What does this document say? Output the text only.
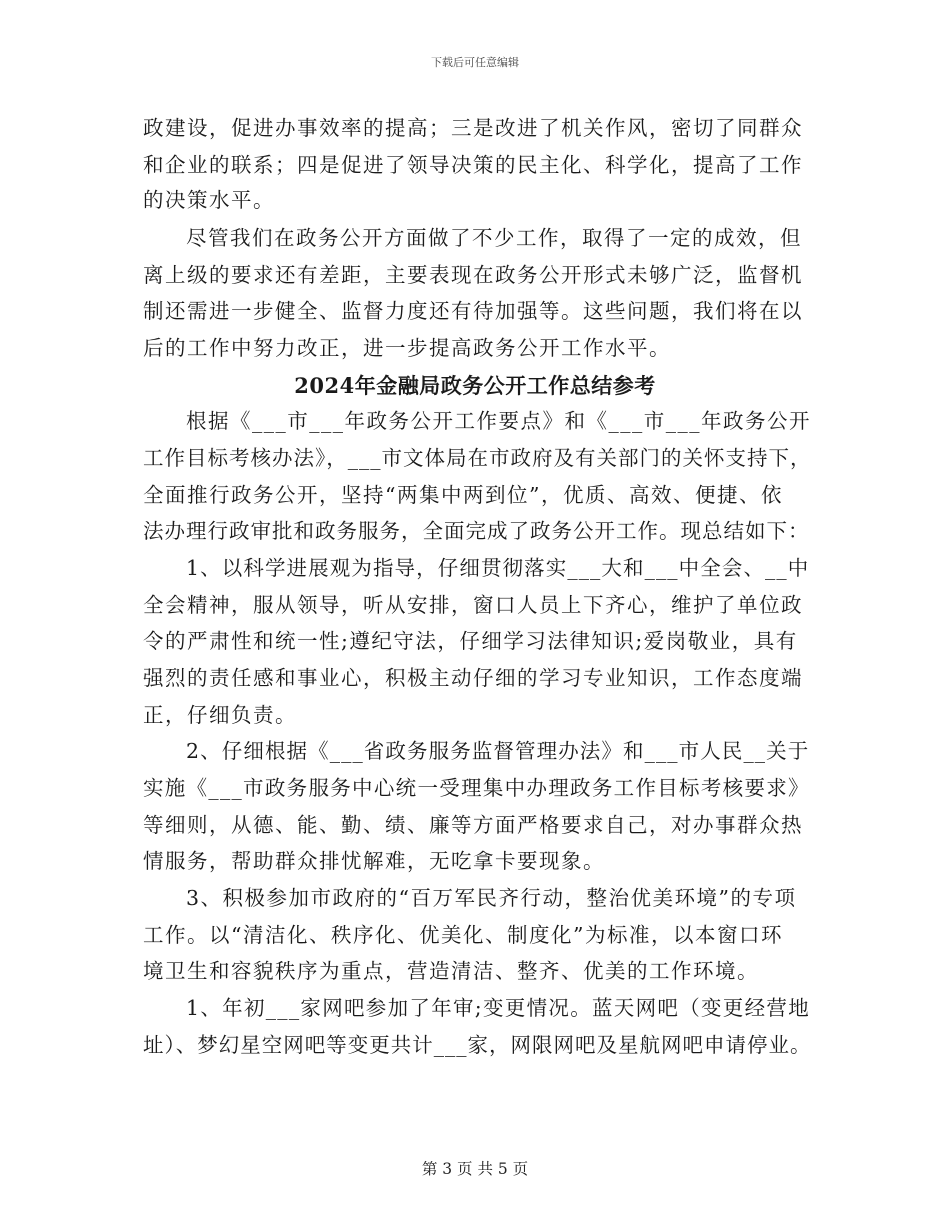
下载后可任意编辑
政建设，促进办事效率的提高；三是改进了机关作风，密切了同群众
和企业的联系；四是促进了领导决策的民主化、科学化，提高了工作
的决策水平。
尽管我们在政务公开方面做了不少工作，取得了一定的成效，但
离上级的要求还有差距，主要表现在政务公开形式未够广泛，监督机
制还需进一步健全、监督力度还有待加强等。这些问题，我们将在以
后的工作中努力改正，进一步提高政务公开工作水平。
2024年金融局政务公开工作总结参考
根据《___市___年政务公开工作要点》和《___市___年政务公开
工作目标考核办法》，___市文体局在市政府及有关部门的关怀支持下，
全面推行政务公开，坚持“两集中两到位”，优质、高效、便捷、依
法办理行政审批和政务服务，全面完成了政务公开工作。现总结如下：
1、以科学进展观为指导，仔细贯彻落实___大和___中全会、__中
全会精神，服从领导，听从安排，窗口人员上下齐心，维护了单位政
令的严肃性和统一性;遵纪守法，仔细学习法律知识;爱岗敬业，具有
强烈的责任感和事业心，积极主动仔细的学习专业知识，工作态度端
正，仔细负责。
2、仔细根据《___省政务服务监督管理办法》和___市人民__关于
实施《___市政务服务中心统一受理集中办理政务工作目标考核要求》
等细则，从德、能、勤、绩、廉等方面严格要求自己，对办事群众热
情服务，帮助群众排忧解难，无吃拿卡要现象。
3、积极参加市政府的“百万军民齐行动，整治优美环境”的专项
工作。以“清洁化、秩序化、优美化、制度化”为标准，以本窗口环
境卫生和容貌秩序为重点，营造清洁、整齐、优美的工作环境。
1、年初___家网吧参加了年审;变更情况。蓝天网吧（变更经营地
址）、梦幻星空网吧等变更共计___家，网限网吧及星航网吧申请停业。
第 3 页 共 5 页
